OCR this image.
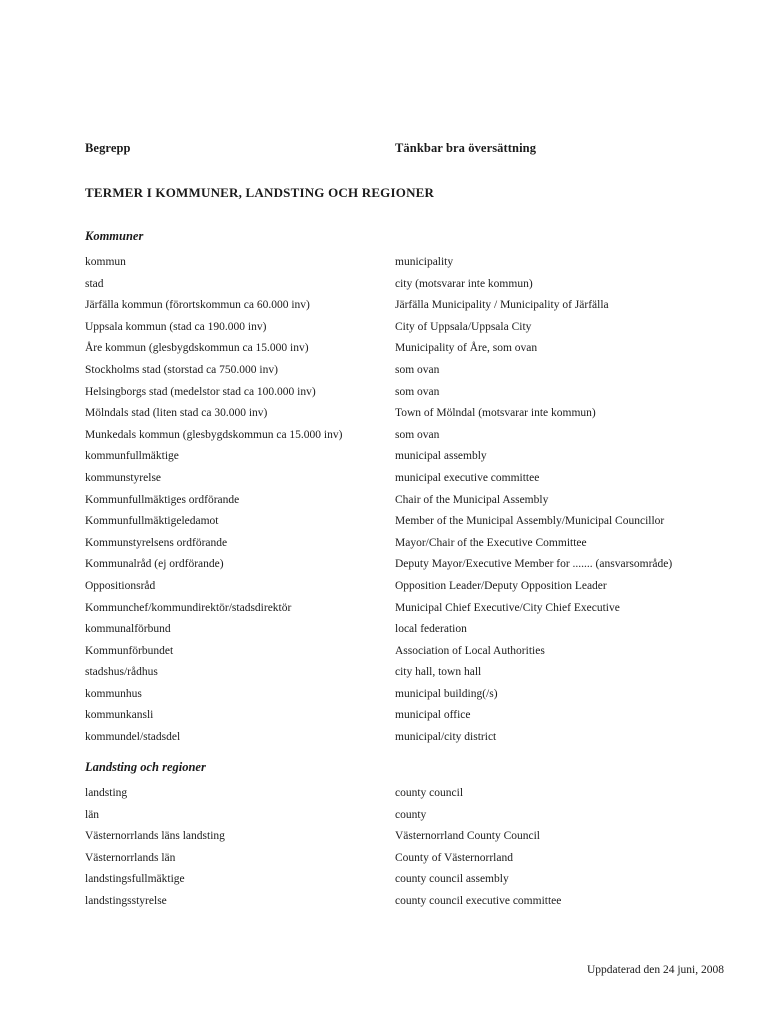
Begrepp	Tänkbar bra översättning
TERMER I KOMMUNER, LANDSTING OCH REGIONER
Kommuner
kommun	municipality
stad	city (motsvarar inte kommun)
Järfälla kommun (förortskommun ca 60.000 inv)	Järfälla Municipality / Municipality of Järfälla
Uppsala kommun (stad ca 190.000 inv)	City of Uppsala/Uppsala City
Åre kommun (glesbygdskommun ca 15.000 inv)	Municipality of Åre, som ovan
Stockholms stad (storstad ca 750.000 inv)	som ovan
Helsingborgs stad (medelstor stad ca 100.000 inv)	som ovan
Mölndals stad (liten stad ca 30.000 inv)	Town of Mölndal (motsvarar inte kommun)
Munkedals kommun (glesbygdskommun ca 15.000 inv)	som ovan
kommunfullmäktige	municipal assembly
kommunstyrelse	municipal executive committee
Kommunfullmäktiges ordförande	Chair of the Municipal Assembly
Kommunfullmäktigeledamot	Member of the Municipal Assembly/Municipal Councillor
Kommunstyrelsens ordförande	Mayor/Chair of the Executive Committee
Kommunalråd (ej ordförande)	Deputy Mayor/Executive Member for ....... (ansvarsområde)
Oppositionsråd	Opposition Leader/Deputy Opposition Leader
Kommunchef/kommundirektör/stadsdirektör	Municipal Chief Executive/City Chief Executive
kommunalförbund	local federation
Kommunförbundet	Association of Local Authorities
stadshus/rådhus	city hall, town hall
kommunhus	municipal building(/s)
kommunkansli	municipal office
kommundel/stadsdel	municipal/city district
Landsting och regioner
landsting	county council
län	county
Västernorrlands läns landsting	Västernorrland County Council
Västernorrlands län	County of Västernorrland
landstingsfullmäktige	county council assembly
landstingsstyrelse	county council executive committee
Uppdaterad den 24 juni, 2008
